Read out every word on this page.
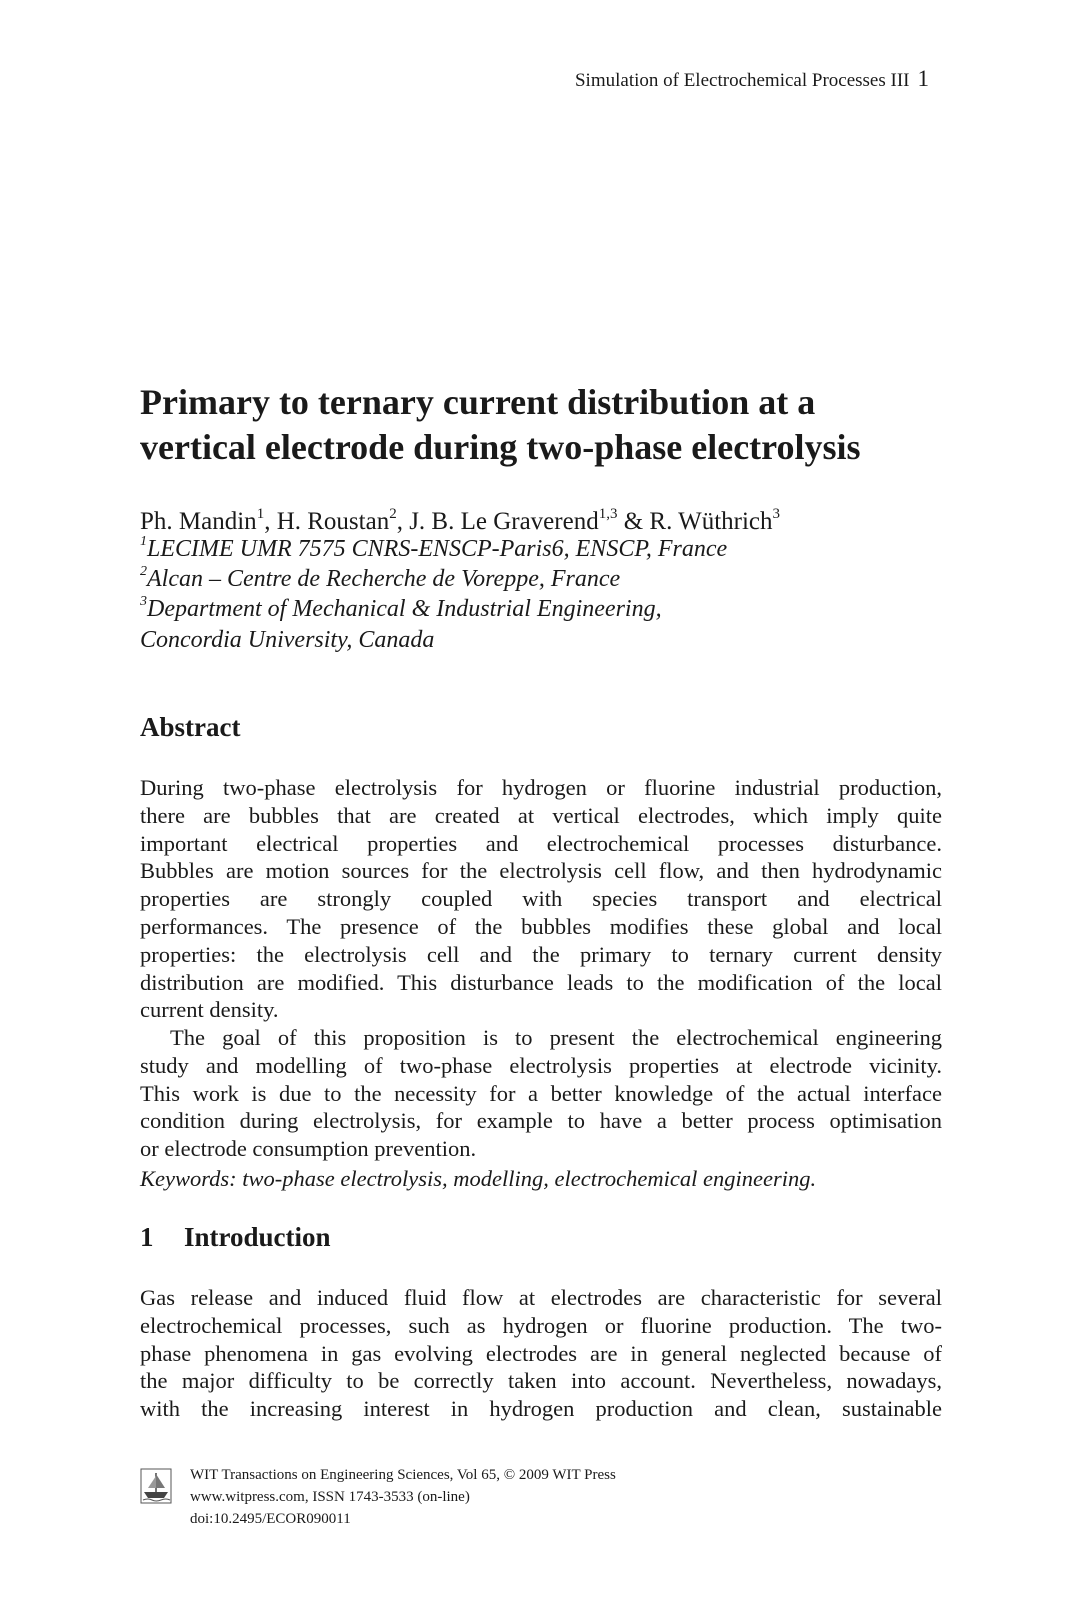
Simulation of Electrochemical Processes III 1
Primary to ternary current distribution at a
vertical electrode during two-phase electrolysis
Ph. Mandin$^1$, H. Roustan$^2$, J. B. Le Graverend$^{1,3}$ & R. Wüthrich$^3$
$^1$LECIME UMR 7575 CNRS-ENSCP-Paris6, ENSCP, France
$^2$Alcan – Centre de Recherche de Voreppe, France
$^3$Department of Mechanical & Industrial Engineering,
Concordia University, Canada
Abstract
During two-phase electrolysis for hydrogen or fluorine industrial production,
there are bubbles that are created at vertical electrodes, which imply quite
important electrical properties and electrochemical processes disturbance.
Bubbles are motion sources for the electrolysis cell flow, and then hydrodynamic
properties are strongly coupled with species transport and electrical
performances. The presence of the bubbles modifies these global and local
properties: the electrolysis cell and the primary to ternary current density
distribution are modified. This disturbance leads to the modification of the local
current density.
The goal of this proposition is to present the electrochemical engineering
study and modelling of two-phase electrolysis properties at electrode vicinity.
This work is due to the necessity for a better knowledge of the actual interface
condition during electrolysis, for example to have a better process optimisation
or electrode consumption prevention.
Keywords: two-phase electrolysis, modelling, electrochemical engineering.
1 Introduction
Gas release and induced fluid flow at electrodes are characteristic for several
electrochemical processes, such as hydrogen or fluorine production. The two-
phase phenomena in gas evolving electrodes are in general neglected because of
the major difficulty to be correctly taken into account. Nevertheless, nowadays,
with the increasing interest in hydrogen production and clean, sustainable
WIT Transactions on Engineering Sciences, Vol 65, © 2009 WIT Press
www.witpress.com, ISSN 1743-3533 (on-line)
doi:10.2495/ECOR090011
